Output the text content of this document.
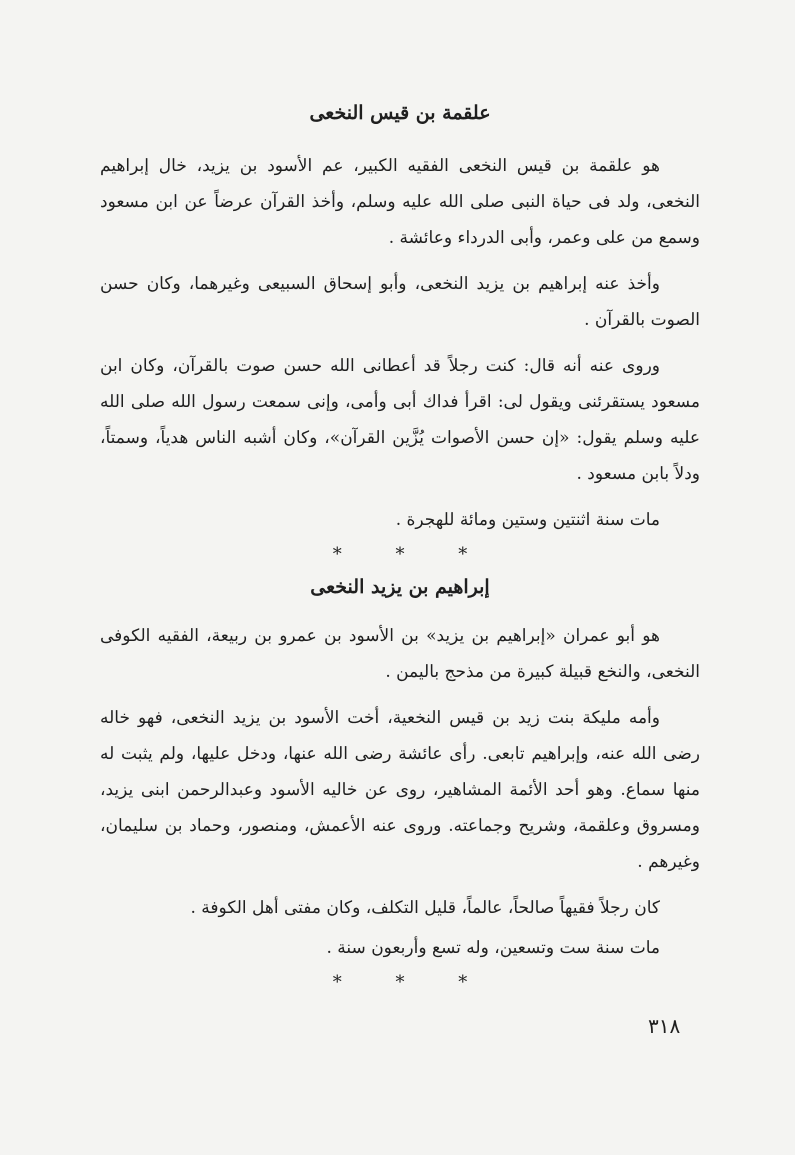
علقمة بن قيس النخعى

هو علقمة بن قيس النخعى الفقيه الكبير، عم الأسود بن يزيد، خال إبراهيم النخعى، ولد فى حياة النبى صلى الله عليه وسلم، وأخذ القرآن عرضاً عن ابن مسعود وسمع من على وعمر، وأبى الدرداء وعائشة .

وأخذ عنه إبراهيم بن يزيد النخعى، وأبو إسحاق السبيعى وغيرهما، وكان حسن الصوت بالقرآن .

وروى عنه أنه قال: كنت رجلاً قد أعطانى الله حسن صوت بالقرآن، وكان ابن مسعود يستقرئنى ويقول لى: اقرأ فداك أبى وأمى، وإنى سمعت رسول الله صلى الله عليه وسلم يقول: «إن حسن الأصوات يُزَّين القرآن»، وكان أشبه الناس هدياً، وسمتاً، ودلاً بابن مسعود .

مات سنة اثنتين وستين ومائة للهجرة .

* * *
إبراهيم بن يزيد النخعى

هو أبو عمران «إبراهيم بن يزيد» بن الأسود بن عمرو بن ربيعة، الفقيه الكوفى النخعى، والنخع قبيلة كبيرة من مذحج باليمن .

وأمه مليكة بنت زيد بن قيس النخعية، أخت الأسود بن يزيد النخعى، فهو خاله رضى الله عنه، وإبراهيم تابعى. رأى عائشة رضى الله عنها، ودخل عليها، ولم يثبت له منها سماع. وهو أحد الأئمة المشاهير، روى عن خاليه الأسود وعبدالرحمن ابنى يزيد، ومسروق وعلقمة، وشريح وجماعته. وروى عنه الأعمش، ومنصور، وحماد بن سليمان، وغيرهم .

كان رجلاً فقيهاً صالحاً، عالماً، قليل التكلف، وكان مفتى أهل الكوفة .

مات سنة ست وتسعين، وله تسع وأربعون سنة .

* * *
٣١٨
